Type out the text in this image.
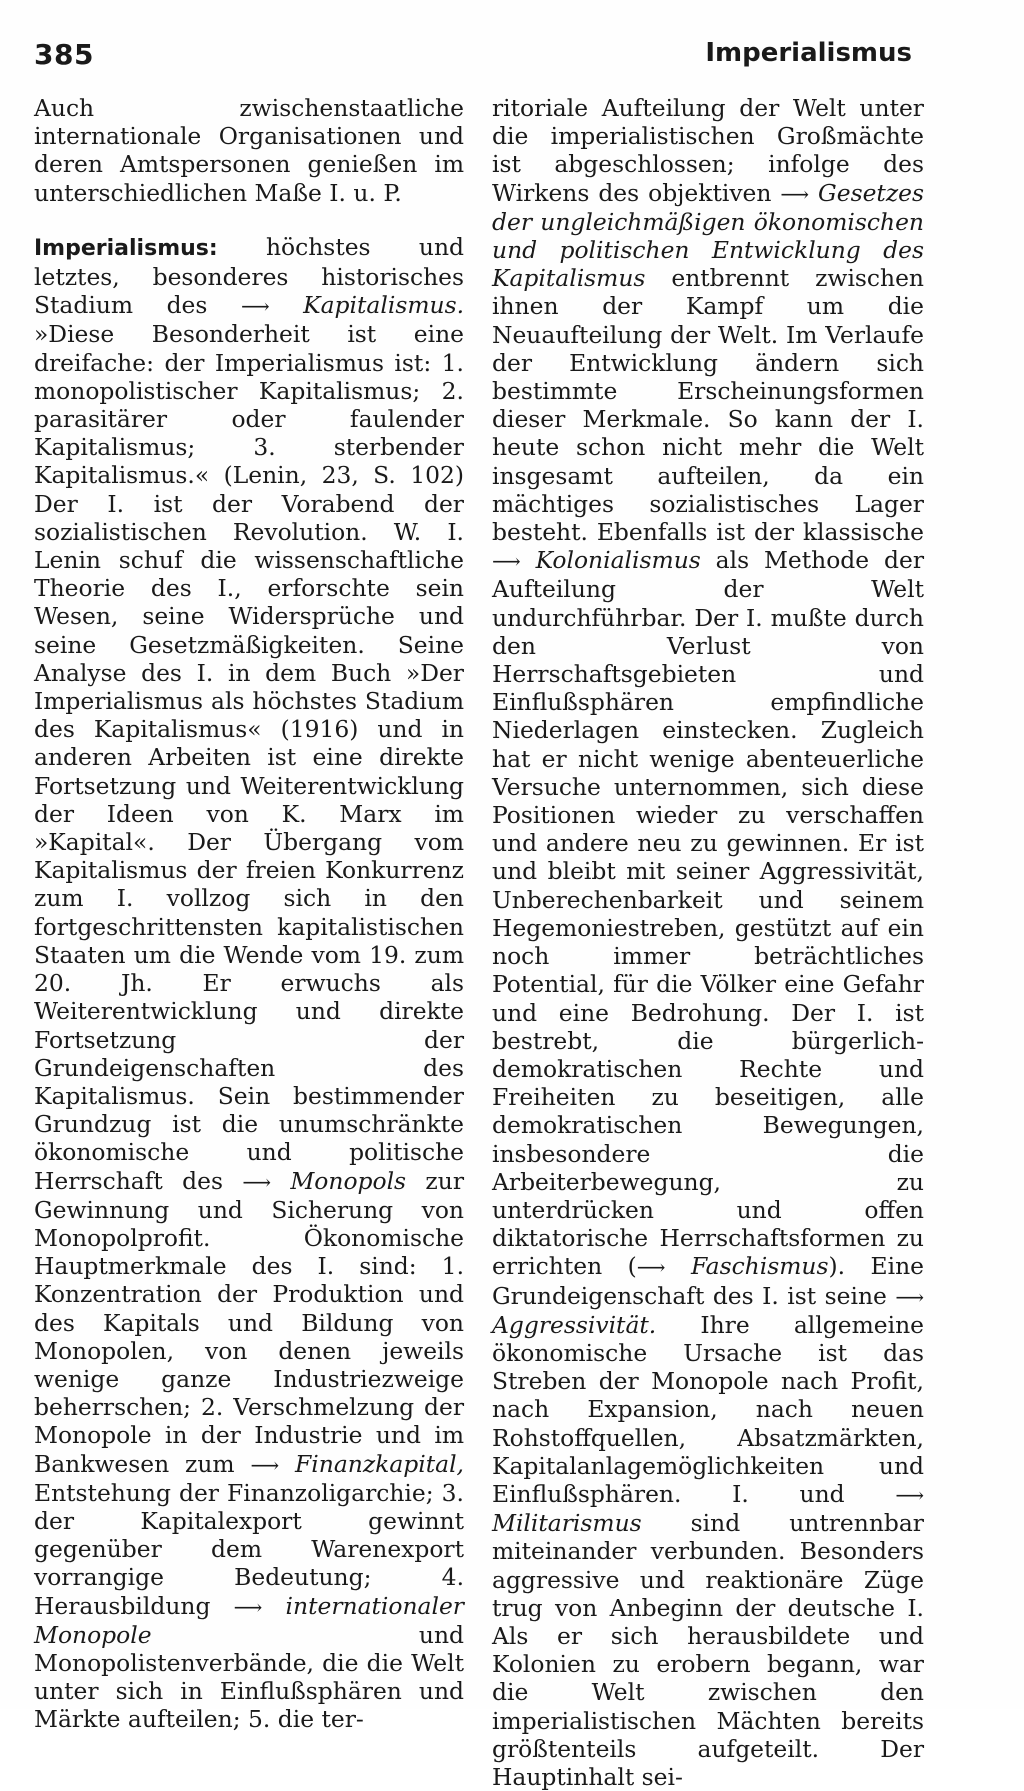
385	Imperialismus

Auch zwischenstaatliche internationale Organisationen und deren Amtspersonen genießen im unterschiedlichen Maße I. u. P.

Imperialismus: höchstes und letztes, besonderes historisches Stadium des ⟶ Kapitalismus. »Diese Besonderheit ist eine dreifache: der Imperialismus ist: 1. monopolistischer Kapitalismus; 2. parasitärer oder faulender Kapitalismus; 3. sterbender Kapitalismus.« (Lenin, 23, S. 102) Der I. ist der Vorabend der sozialistischen Revolution. W. I. Lenin schuf die wissenschaftliche Theorie des I., erforschte sein Wesen, seine Widersprüche und seine Gesetzmäßigkeiten. Seine Analyse des I. in dem Buch »Der Imperialismus als höchstes Stadium des Kapitalismus« (1916) und in anderen Arbeiten ist eine direkte Fortsetzung und Weiterentwicklung der Ideen von K. Marx im »Kapital«. Der Übergang vom Kapitalismus der freien Konkurrenz zum I. vollzog sich in den fortgeschrittensten kapitalistischen Staaten um die Wende vom 19. zum 20. Jh. Er erwuchs als Weiterentwicklung und direkte Fortsetzung der Grundeigenschaften des Kapitalismus. Sein bestimmender Grundzug ist die unumschränkte ökonomische und politische Herrschaft des ⟶ Monopols zur Gewinnung und Sicherung von Monopolprofit. Ökonomische Hauptmerkmale des I. sind: 1. Konzentration der Produktion und des Kapitals und Bildung von Monopolen, von denen jeweils wenige ganze Industriezweige beherrschen; 2. Verschmelzung der Monopole in der Industrie und im Bankwesen zum ⟶ Finanzkapital, Entstehung der Finanzoligarchie; 3. der Kapitalexport gewinnt gegenüber dem Warenexport vorrangige Bedeutung; 4. Herausbildung ⟶ internationaler Monopole und Monopolistenverbände, die die Welt unter sich in Einflußsphären und Märkte aufteilen; 5. die ter-

ritoriale Aufteilung der Welt unter die imperialistischen Großmächte ist abgeschlossen; infolge des Wirkens des objektiven ⟶ Gesetzes der ungleichmäßigen ökonomischen und politischen Entwicklung des Kapitalismus entbrennt zwischen ihnen der Kampf um die Neuaufteilung der Welt. Im Verlaufe der Entwicklung ändern sich bestimmte Erscheinungsformen dieser Merkmale. So kann der I. heute schon nicht mehr die Welt insgesamt aufteilen, da ein mächtiges sozialistisches Lager besteht. Ebenfalls ist der klassische ⟶ Kolonialismus als Methode der Aufteilung der Welt undurchführbar. Der I. mußte durch den Verlust von Herrschaftsgebieten und Einflußsphären empfindliche Niederlagen einstecken. Zugleich hat er nicht wenige abenteuerliche Versuche unternommen, sich diese Positionen wieder zu verschaffen und andere neu zu gewinnen. Er ist und bleibt mit seiner Aggressivität, Unberechenbarkeit und seinem Hegemoniestreben, gestützt auf ein noch immer beträchtliches Potential, für die Völker eine Gefahr und eine Bedrohung. Der I. ist bestrebt, die bürgerlich-demokratischen Rechte und Freiheiten zu beseitigen, alle demokratischen Bewegungen, insbesondere die Arbeiterbewegung, zu unterdrücken und offen diktatorische Herrschaftsformen zu errichten (⟶ Faschismus). Eine Grundeigenschaft des I. ist seine ⟶ Aggressivität. Ihre allgemeine ökonomische Ursache ist das Streben der Monopole nach Profit, nach Expansion, nach neuen Rohstoffquellen, Absatzmärkten, Kapitalanlagemöglichkeiten und Einflußsphären. I. und ⟶ Militarismus sind untrennbar miteinander verbunden. Besonders aggressive und reaktionäre Züge trug von Anbeginn der deutsche I. Als er sich herausbildete und Kolonien zu erobern begann, war die Welt zwischen den imperialistischen Mächten bereits größtenteils aufgeteilt. Der Hauptinhalt sei-
